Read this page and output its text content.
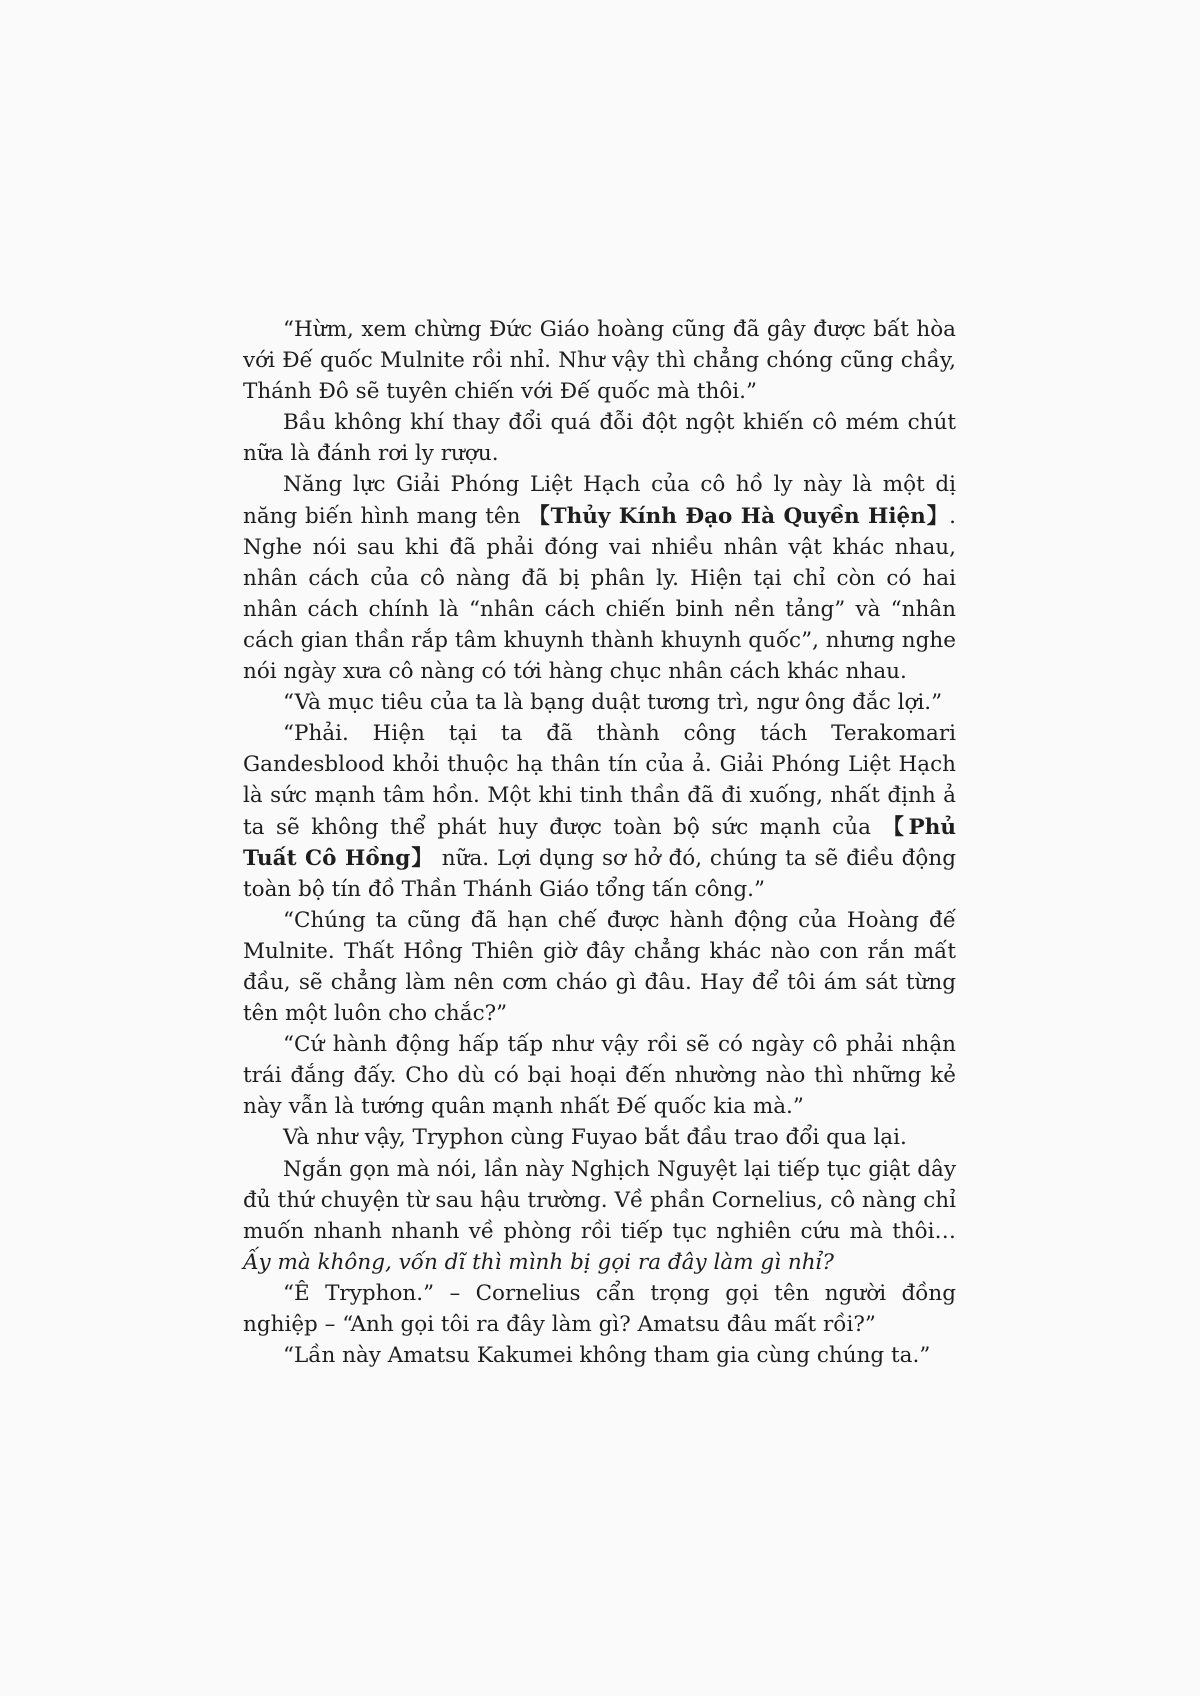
“Hừm, xem chừng Đức Giáo hoàng cũng đã gây được bất hòa với Đế quốc Mulnite rồi nhỉ. Như vậy thì chẳng chóng cũng chầy, Thánh Đô sẽ tuyên chiến với Đế quốc mà thôi.”

Bầu không khí thay đổi quá đỗi đột ngột khiến cô mém chút nữa là đánh rơi ly rượu.

Năng lực Giải Phóng Liệt Hạch của cô hồ ly này là một dị năng biến hình mang tên 【Thủy Kính Đạo Hà Quyền Hiện】. Nghe nói sau khi đã phải đóng vai nhiều nhân vật khác nhau, nhân cách của cô nàng đã bị phân ly. Hiện tại chỉ còn có hai nhân cách chính là “nhân cách chiến binh nền tảng” và “nhân cách gian thần rắp tâm khuynh thành khuynh quốc”, nhưng nghe nói ngày xưa cô nàng có tới hàng chục nhân cách khác nhau.

“Và mục tiêu của ta là bạng duật tương trì, ngư ông đắc lợi.”

“Phải. Hiện tại ta đã thành công tách Terakomari Gandesblood khỏi thuộc hạ thân tín của ả. Giải Phóng Liệt Hạch là sức mạnh tâm hồn. Một khi tinh thần đã đi xuống, nhất định ả ta sẽ không thể phát huy được toàn bộ sức mạnh của 【Phủ Tuất Cô Hồng】 nữa. Lợi dụng sơ hở đó, chúng ta sẽ điều động toàn bộ tín đồ Thần Thánh Giáo tổng tấn công.”

“Chúng ta cũng đã hạn chế được hành động của Hoàng đế Mulnite. Thất Hồng Thiên giờ đây chẳng khác nào con rắn mất đầu, sẽ chẳng làm nên cơm cháo gì đâu. Hay để tôi ám sát từng tên một luôn cho chắc?”

“Cứ hành động hấp tấp như vậy rồi sẽ có ngày cô phải nhận trái đắng đấy. Cho dù có bại hoại đến nhường nào thì những kẻ này vẫn là tướng quân mạnh nhất Đế quốc kia mà.”

Và như vậy, Tryphon cùng Fuyao bắt đầu trao đổi qua lại.

Ngắn gọn mà nói, lần này Nghịch Nguyệt lại tiếp tục giật dây đủ thứ chuyện từ sau hậu trường. Về phần Cornelius, cô nàng chỉ muốn nhanh nhanh về phòng rồi tiếp tục nghiên cứu mà thôi… Ấy mà không, vốn dĩ thì mình bị gọi ra đây làm gì nhỉ?

“Ê Tryphon.” – Cornelius cẩn trọng gọi tên người đồng nghiệp – “Anh gọi tôi ra đây làm gì? Amatsu đâu mất rồi?”

“Lần này Amatsu Kakumei không tham gia cùng chúng ta.”
